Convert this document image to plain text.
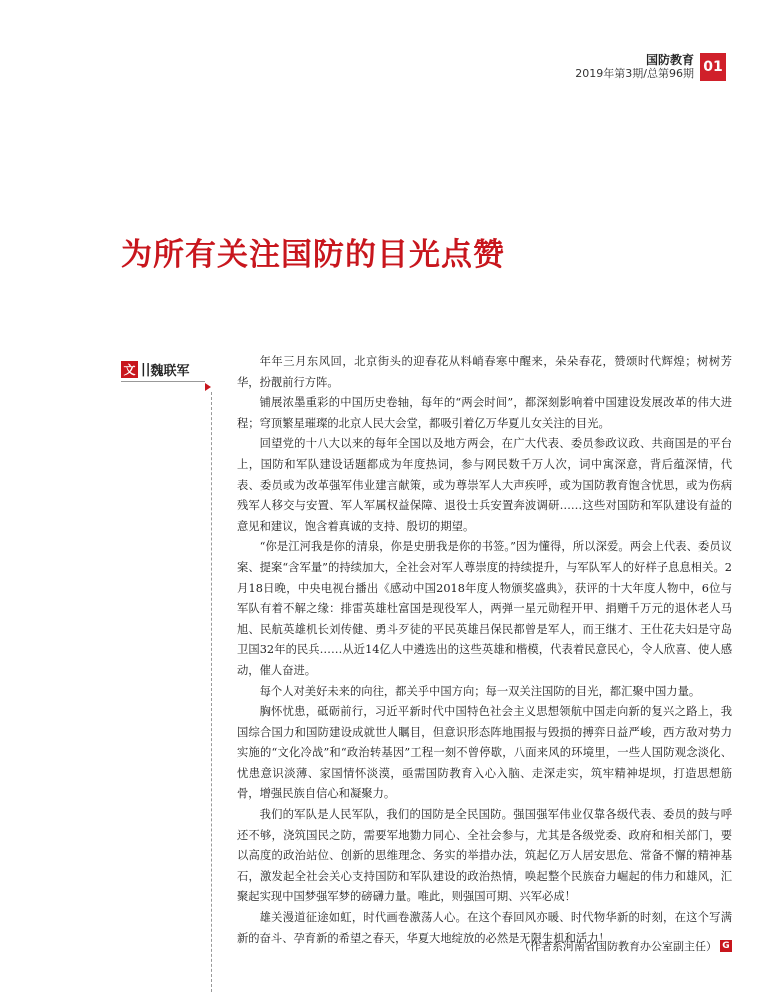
国防教育
2019年第3期/总第96期 01
为所有关注国防的目光点赞
文 || 魏联军

年年三月东风回，北京街头的迎春花从料峭春寒中醒来，朵朵春花，赞颂时代辉煌；树树芳华，扮靓前行方阵。

铺展浓墨重彩的中国历史卷轴，每年的“两会时间”，都深刻影响着中国建设发展改革的伟大进程；穹顶繁星璀璨的北京人民大会堂，都吸引着亿万华夏儿女关注的目光。

回望党的十八大以来的每年全国以及地方两会，在广大代表、委员参政议政、共商国是的平台上，国防和军队建设话题都成为年度热词，参与网民数千万人次，词中寓深意，背后蕴深情，代表、委员或为改革强军伟业建言献策，或为尊崇军人大声疾呼，或为国防教育饱含忧思，或为伤病残军人移交与安置、军人军属权益保障、退役士兵安置奔波调研……这些对国防和军队建设有益的意见和建议，饱含着真诚的支持、殷切的期望。

“你是江河我是你的清泉，你是史册我是你的书签。”因为懂得，所以深爱。两会上代表、委员议案、提案“含军量”的持续加大，全社会对军人尊崇度的持续提升，与军队军人的好样子息息相关。2月18日晚，中央电视台播出《感动中国2018年度人物颁奖盛典》，获评的十大年度人物中，6位与军队有着不解之缘：排雷英雄杜富国是现役军人，两弹一星元勋程开甲、捐赠千万元的退休老人马旭、民航英雄机长刘传健、勇斗歹徒的平民英雄吕保民都曾是军人，而王继才、王仕花夫妇是守岛卫国32年的民兵……从近14亿人中遴选出的这些英雄和楷模，代表着民意民心，令人欣喜、使人感动，催人奋进。

每个人对美好未来的向往，都关乎中国方向；每一双关注国防的目光，都汇聚中国力量。

胸怀忧患，砥砺前行，习近平新时代中国特色社会主义思想领航中国走向新的复兴之路上，我国综合国力和国防建设成就世人瞩目，但意识形态阵地围报与毁损的搏弈日益严峻，西方敌对势力实施的“文化冷战”和“政治转基因”工程一刻不曾停歇，八面来风的环境里，一些人国防观念淡化、忧患意识淡薄、家国情怀淡漠，亟需国防教育入心入脑、走深走实，筑牢精神堤坝，打造思想筋骨，增强民族自信心和凝聚力。

我们的军队是人民军队，我们的国防是全民国防。强国强军伟业仅靠各级代表、委员的鼓与呼还不够，浇筑国民之防，需要军地勠力同心、全社会参与，尤其是各级党委、政府和相关部门，要以高度的政治站位、创新的思维理念、务实的举措办法，筑起亿万人居安思危、常备不懈的精神基石，激发起全社会关心支持国防和军队建设的政治热情，唤起整个民族奋力崛起的伟力和雄风，汇聚起实现中国梦强军梦的磅礴力量。唯此，则强国可期、兴军必成！

雄关漫道征途如虹，时代画卷激荡人心。在这个春回风亦暖、时代物华新的时刻，在这个写满新的奋斗、孕育新的希望之春天，华夏大地绽放的必然是无限生机和活力！

（作者系河南省国防教育办公室副主任） G
